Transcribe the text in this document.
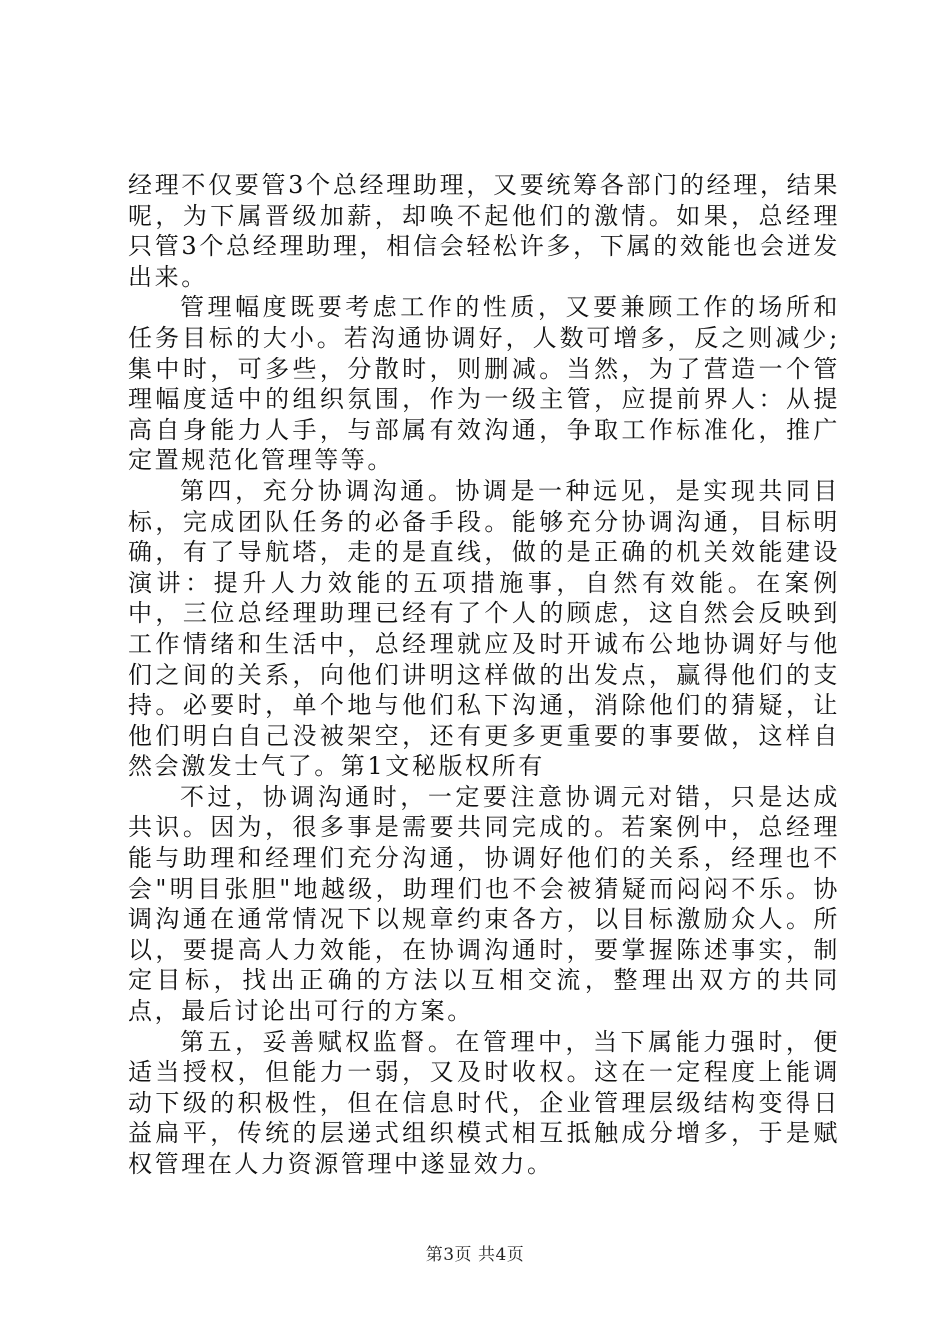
经理不仅要管3个总经理助理，又要统筹各部门的经理，结果呢，为下属晋级加薪，却唤不起他们的激情。如果，总经理只管3个总经理助理，相信会轻松许多，下属的效能也会迸发出来。

管理幅度既要考虑工作的性质，又要兼顾工作的场所和任务目标的大小。若沟通协调好，人数可增多，反之则减少;集中时，可多些，分散时，则删减。当然，为了营造一个管理幅度适中的组织氛围，作为一级主管，应提前界人：从提高自身能力人手，与部属有效沟通，争取工作标准化，推广定置规范化管理等等。

第四，充分协调沟通。协调是一种远见，是实现共同目标，完成团队任务的必备手段。能够充分协调沟通，目标明确，有了导航塔，走的是直线，做的是正确的机关效能建设演讲：提升人力效能的五项措施事，自然有效能。在案例中，三位总经理助理已经有了个人的顾虑，这自然会反映到工作情绪和生活中，总经理就应及时开诚布公地协调好与他们之间的关系，向他们讲明这样做的出发点，赢得他们的支持。必要时，单个地与他们私下沟通，消除他们的猜疑，让他们明白自己没被架空，还有更多更重要的事要做，这样自然会激发士气了。第1文秘版权所有

不过，协调沟通时，一定要注意协调元对错，只是达成共识。因为，很多事是需要共同完成的。若案例中，总经理能与助理和经理们充分沟通，协调好他们的关系，经理也不会"明目张胆"地越级，助理们也不会被猜疑而闷闷不乐。协调沟通在通常情况下以规章约束各方，以目标激励众人。所以，要提高人力效能，在协调沟通时，要掌握陈述事实，制定目标，找出正确的方法以互相交流，整理出双方的共同点，最后讨论出可行的方案。

第五，妥善赋权监督。在管理中，当下属能力强时，便适当授权，但能力一弱，又及时收权。这在一定程度上能调动下级的积极性，但在信息时代，企业管理层级结构变得日益扁平，传统的层递式组织模式相互抵触成分增多，于是赋权管理在人力资源管理中遂显效力。

第3页 共4页
